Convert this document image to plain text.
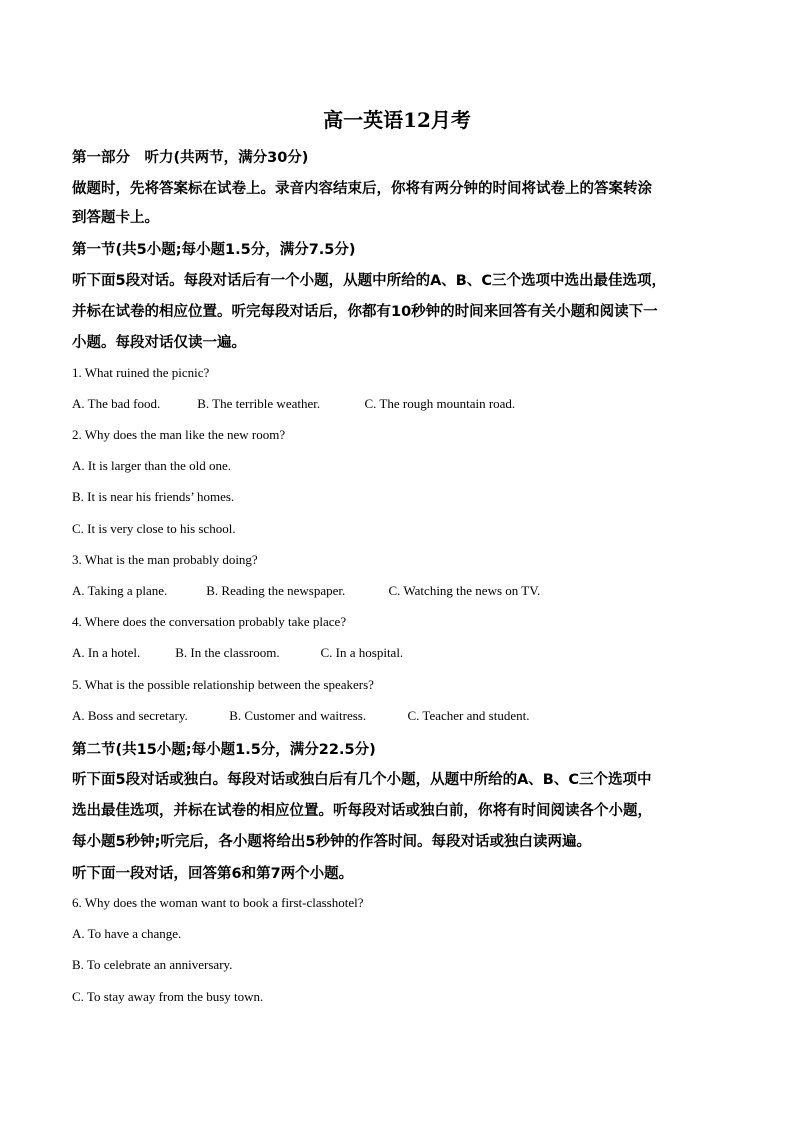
高一英语12月考
第一部分　听力(共两节，满分30分)
做题时，先将答案标在试卷上。录音内容结束后，你将有两分钟的时间将试卷上的答案转涂
到答题卡上。
第一节(共5小题;每小题1.5分，满分7.5分)
听下面5段对话。每段对话后有一个小题，从题中所给的A、B、C三个选项中选出最佳选项，
并标在试卷的相应位置。听完每段对话后，你都有10秒钟的时间来回答有关小题和阅读下一
小题。每段对话仅读一遍。
1. What ruined the picnic?
A. The bad food.	B. The terrible weather.	C. The rough mountain road.
2. Why does the man like the new room?
A. It is larger than the old one.
B. It is near his friends’ homes.
C. It is very close to his school.
3. What is the man probably doing?
A. Taking a plane.	B. Reading the newspaper.	C. Watching the news on TV.
4. Where does the conversation probably take place?
A. In a hotel.	B. In the classroom.	C. In a hospital.
5. What is the possible relationship between the speakers?
A. Boss and secretary.	B. Customer and waitress.	C. Teacher and student.
第二节(共15小题;每小题1.5分，满分22.5分)
听下面5段对话或独白。每段对话或独白后有几个小题，从题中所给的A、B、C三个选项中
选出最佳选项，并标在试卷的相应位置。听每段对话或独白前，你将有时间阅读各个小题，
每小题5秒钟;听完后，各小题将给出5秒钟的作答时间。每段对话或独白读两遍。
听下面一段对话，回答第6和第7两个小题。
6. Why does the woman want to book a first-classhotel?
A. To have a change.
B. To celebrate an anniversary.
C. To stay away from the busy town.
